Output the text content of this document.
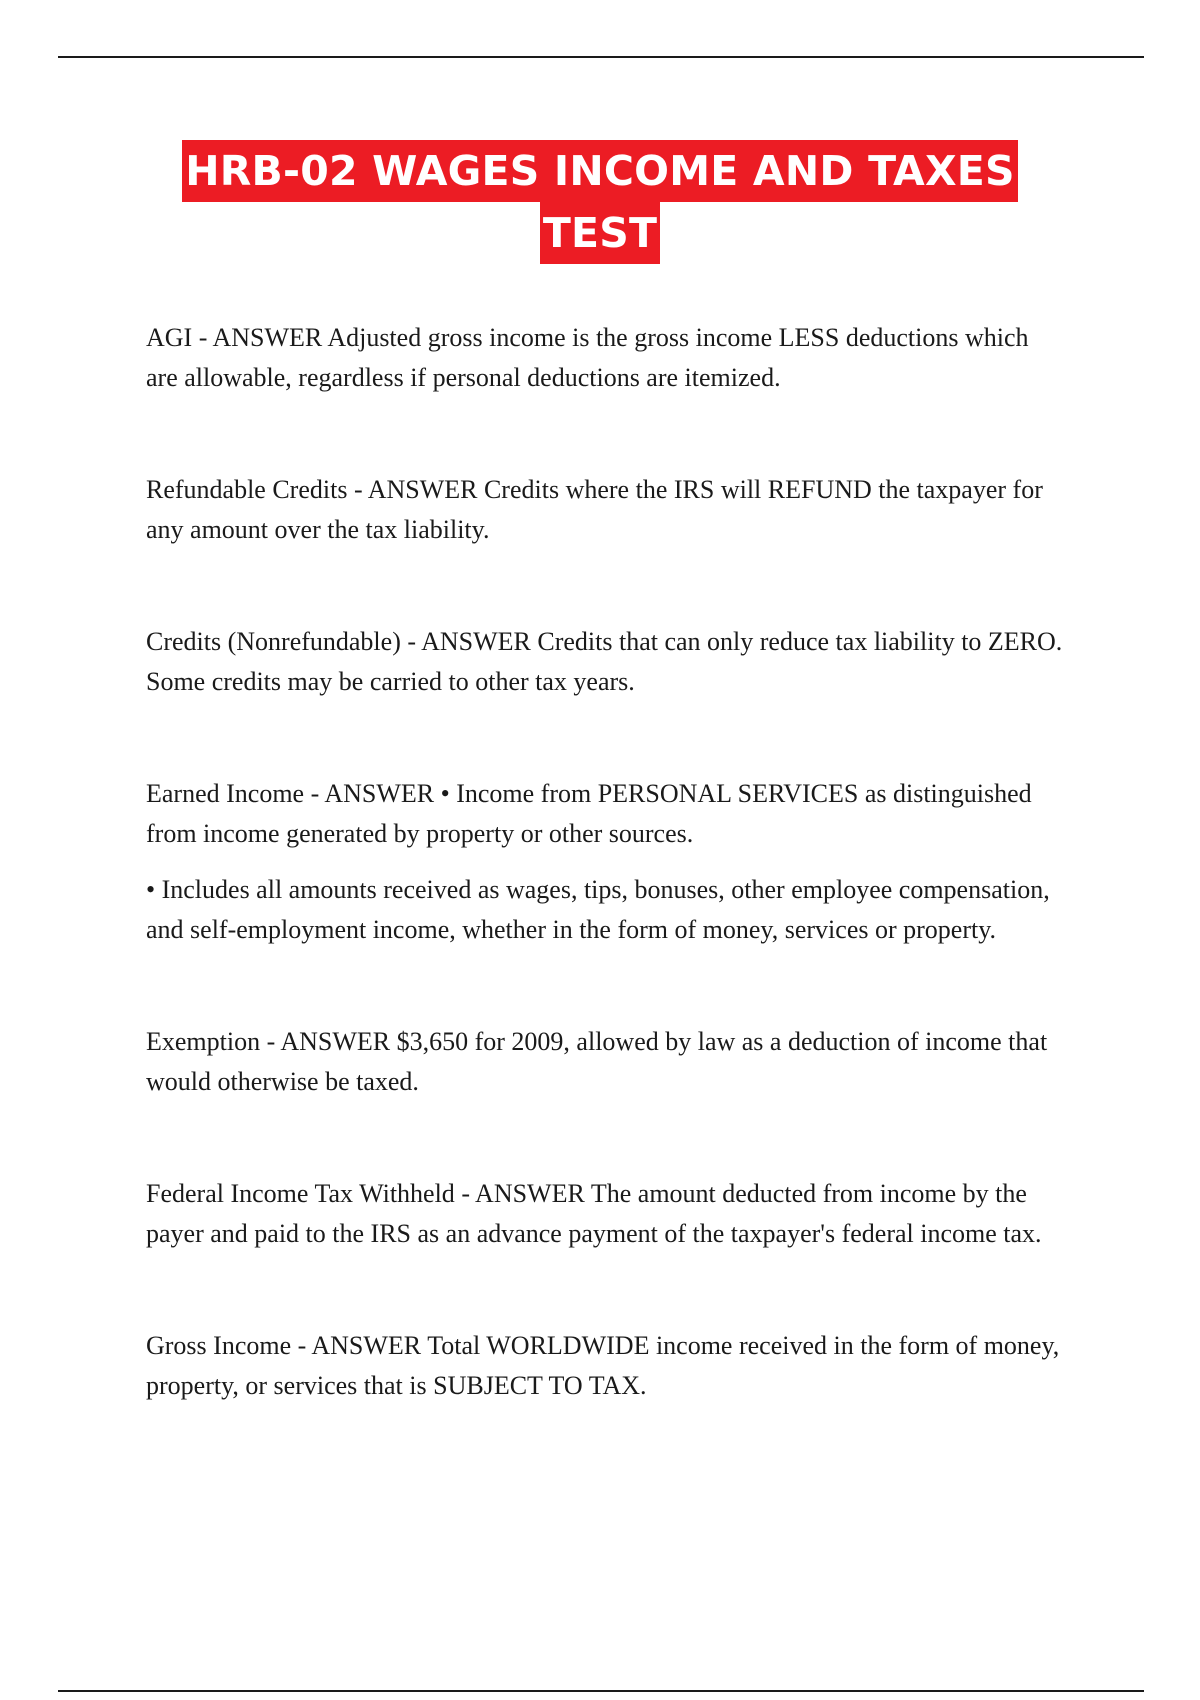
HRB-02 WAGES INCOME AND TAXES
TEST

AGI - ANSWER Adjusted gross income is the gross income LESS deductions which are allowable, regardless if personal deductions are itemized.

Refundable Credits - ANSWER Credits where the IRS will REFUND the taxpayer for any amount over the tax liability.

Credits (Nonrefundable) - ANSWER Credits that can only reduce tax liability to ZERO. Some credits may be carried to other tax years.

Earned Income - ANSWER • Income from PERSONAL SERVICES as distinguished from income generated by property or other sources.

• Includes all amounts received as wages, tips, bonuses, other employee compensation, and self-employment income, whether in the form of money, services or property.

Exemption - ANSWER $3,650 for 2009, allowed by law as a deduction of income that would otherwise be taxed.

Federal Income Tax Withheld - ANSWER The amount deducted from income by the payer and paid to the IRS as an advance payment of the taxpayer's federal income tax.

Gross Income - ANSWER Total WORLDWIDE income received in the form of money, property, or services that is SUBJECT TO TAX.
